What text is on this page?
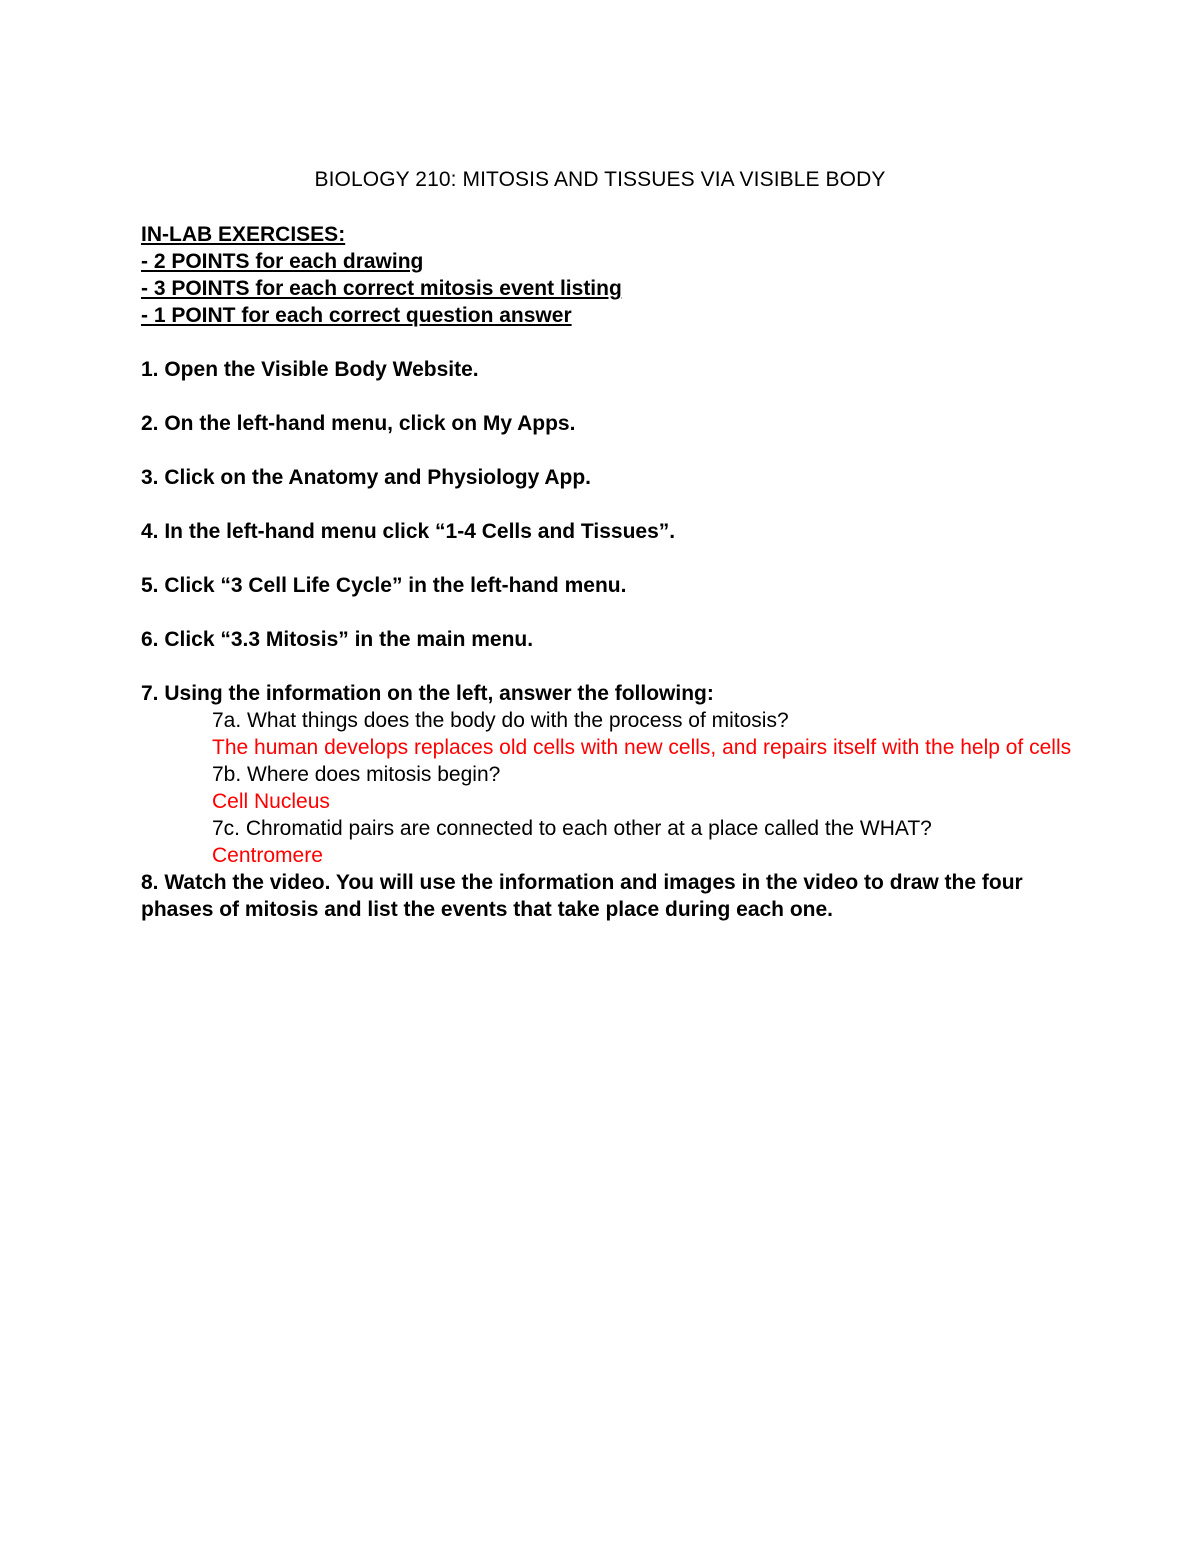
BIOLOGY 210: MITOSIS AND TISSUES VIA VISIBLE BODY
IN-LAB EXERCISES:
- 2 POINTS for each drawing
- 3 POINTS for each correct mitosis event listing
- 1 POINT for each correct question answer
1. Open the Visible Body Website.
2. On the left-hand menu, click on My Apps.
3. Click on the Anatomy and Physiology App.
4. In the left-hand menu click “1-4 Cells and Tissues”.
5. Click “3 Cell Life Cycle” in the left-hand menu.
6. Click “3.3 Mitosis” in the main menu.
7. Using the information on the left, answer the following:
7a. What things does the body do with the process of mitosis?
The human develops replaces old cells with new cells, and repairs itself with the help of cells
7b. Where does mitosis begin?
Cell Nucleus
7c. Chromatid pairs are connected to each other at a place called the WHAT?
Centromere
8. Watch the video. You will use the information and images in the video to draw the four phases of mitosis and list the events that take place during each one.
